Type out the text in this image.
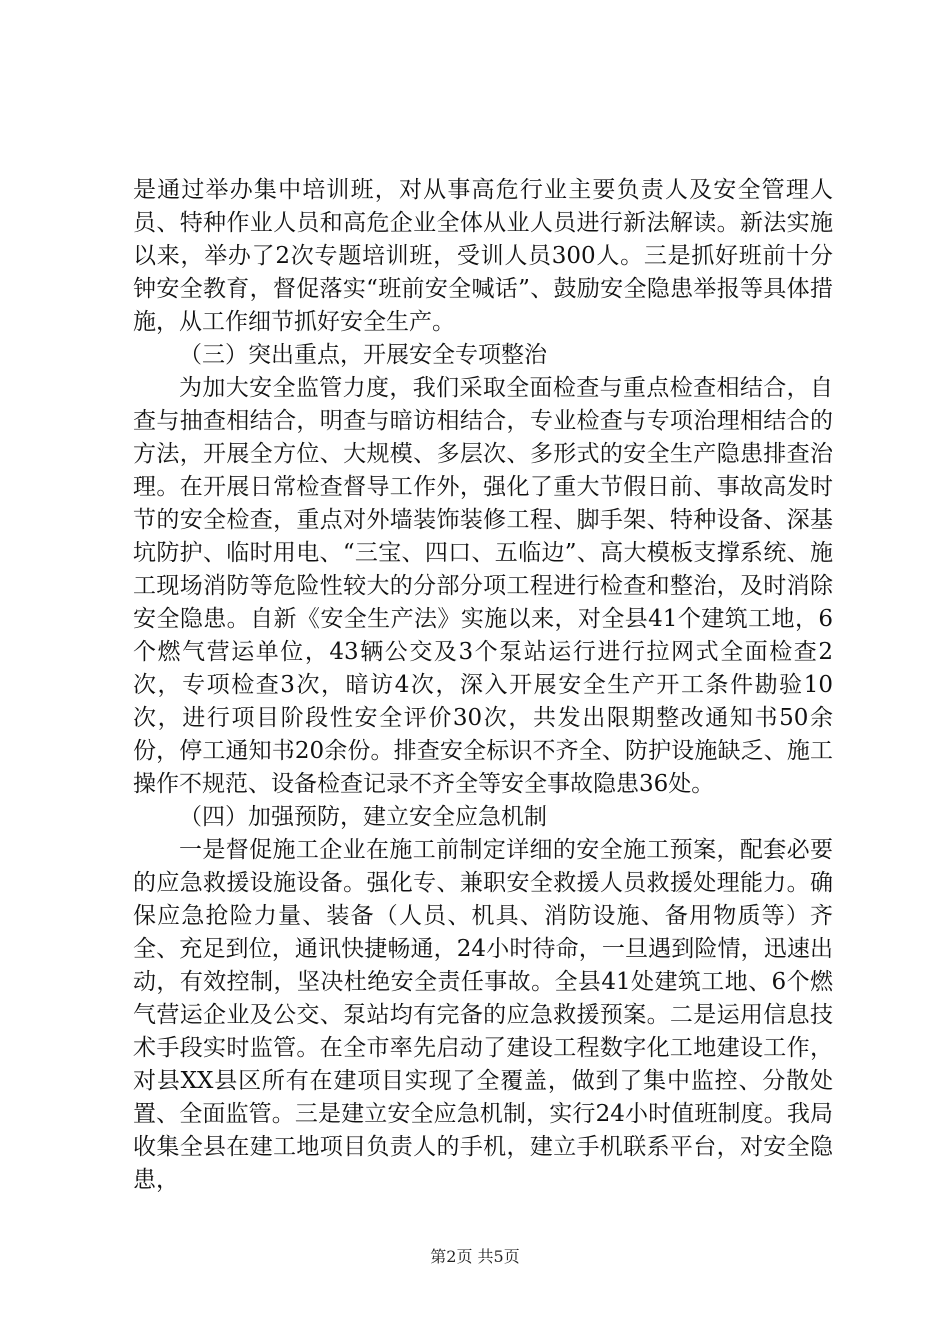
是通过举办集中培训班，对从事高危行业主要负责人及安全管理人员、特种作业人员和高危企业全体从业人员进行新法解读。新法实施以来，举办了2次专题培训班，受训人员300人。三是抓好班前十分钟安全教育，督促落实“班前安全喊话”、鼓励安全隐患举报等具体措施，从工作细节抓好安全生产。

（三）突出重点，开展安全专项整治

为加大安全监管力度，我们采取全面检查与重点检查相结合，自查与抽查相结合，明查与暗访相结合，专业检查与专项治理相结合的方法，开展全方位、大规模、多层次、多形式的安全生产隐患排查治理。在开展日常检查督导工作外，强化了重大节假日前、事故高发时节的安全检查，重点对外墙装饰装修工程、脚手架、特种设备、深基坑防护、临时用电、“三宝、四口、五临边”、高大模板支撑系统、施工现场消防等危险性较大的分部分项工程进行检查和整治，及时消除安全隐患。自新《安全生产法》实施以来，对全县41个建筑工地，6个燃气营运单位，43辆公交及3个泵站运行进行拉网式全面检查2次，专项检查3次，暗访4次，深入开展安全生产开工条件勘验10次，进行项目阶段性安全评价30次，共发出限期整改通知书50余份，停工通知书20余份。排查安全标识不齐全、防护设施缺乏、施工操作不规范、设备检查记录不齐全等安全事故隐患36处。

（四）加强预防，建立安全应急机制

一是督促施工企业在施工前制定详细的安全施工预案，配套必要的应急救援设施设备。强化专、兼职安全救援人员救援处理能力。确保应急抢险力量、装备（人员、机具、消防设施、备用物质等）齐全、充足到位，通讯快捷畅通，24小时待命，一旦遇到险情，迅速出动，有效控制，坚决杜绝安全责任事故。全县41处建筑工地、6个燃气营运企业及公交、泵站均有完备的应急救援预案。二是运用信息技术手段实时监管。在全市率先启动了建设工程数字化工地建设工作，对县XX县区所有在建项目实现了全覆盖，做到了集中监控、分散处置、全面监管。三是建立安全应急机制，实行24小时值班制度。我局收集全县在建工地项目负责人的手机，建立手机联系平台，对安全隐患，

第2页 共5页
